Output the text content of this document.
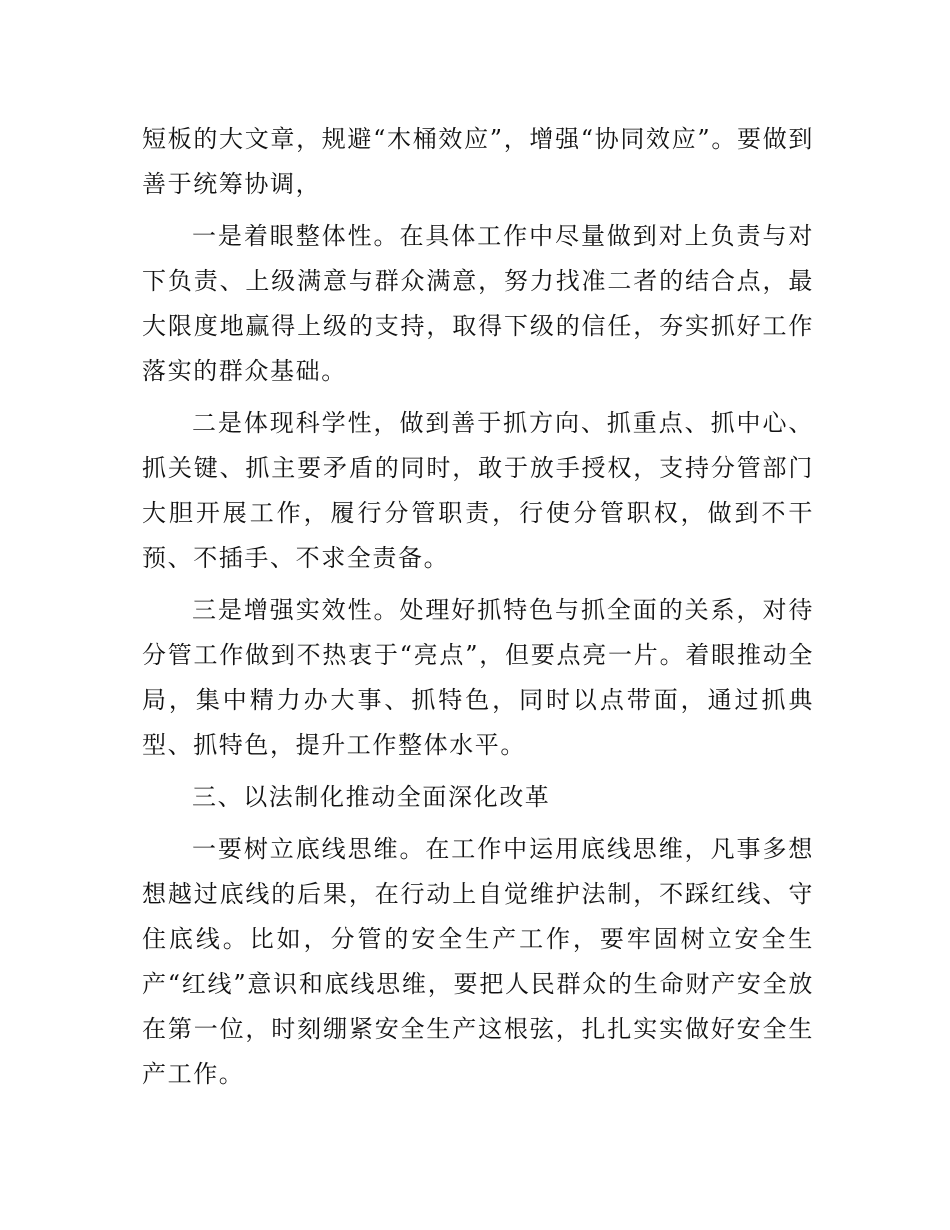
短板的大文章，规避“木桶效应”，增强“协同效应”。要做到善于统筹协调，

一是着眼整体性。在具体工作中尽量做到对上负责与对下负责、上级满意与群众满意，努力找准二者的结合点，最大限度地赢得上级的支持，取得下级的信任，夯实抓好工作落实的群众基础。

二是体现科学性，做到善于抓方向、抓重点、抓中心、抓关键、抓主要矛盾的同时，敢于放手授权，支持分管部门大胆开展工作，履行分管职责，行使分管职权，做到不干预、不插手、不求全责备。

三是增强实效性。处理好抓特色与抓全面的关系，对待分管工作做到不热衷于“亮点”，但要点亮一片。着眼推动全局，集中精力办大事、抓特色，同时以点带面，通过抓典型、抓特色，提升工作整体水平。

三、以法制化推动全面深化改革

一要树立底线思维。在工作中运用底线思维，凡事多想想越过底线的后果，在行动上自觉维护法制，不踩红线、守住底线。比如，分管的安全生产工作，要牢固树立安全生产“红线”意识和底线思维，要把人民群众的生命财产安全放在第一位，时刻绷紧安全生产这根弦，扎扎实实做好安全生产工作。
